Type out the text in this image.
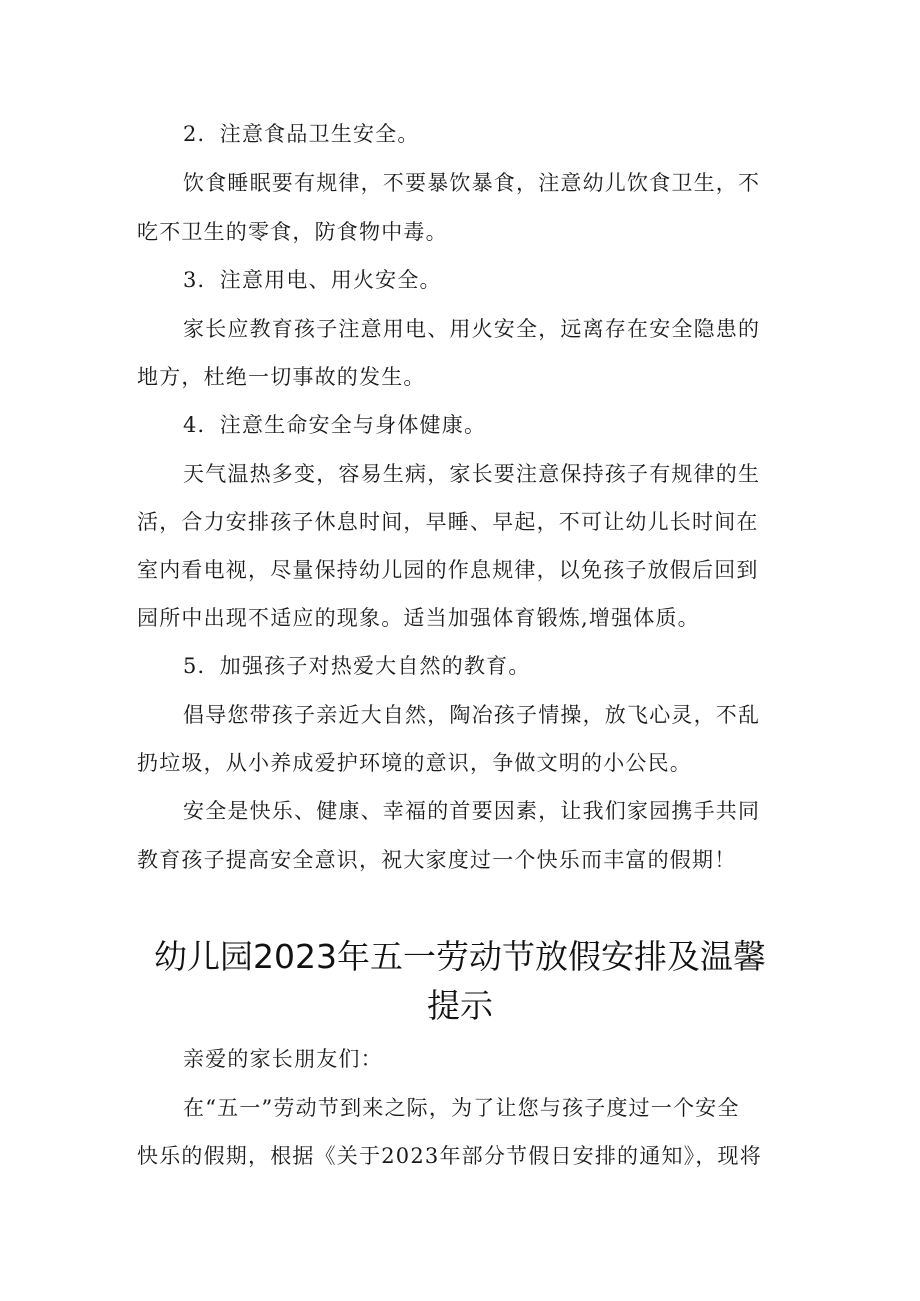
2．注意食品卫生安全。
饮食睡眠要有规律，不要暴饮暴食，注意幼儿饮食卫生，不
吃不卫生的零食，防食物中毒。
3．注意用电、用火安全。
家长应教育孩子注意用电、用火安全，远离存在安全隐患的
地方，杜绝一切事故的发生。
4．注意生命安全与身体健康。
天气温热多变，容易生病，家长要注意保持孩子有规律的生
活，合力安排孩子休息时间，早睡、早起，不可让幼儿长时间在
室内看电视，尽量保持幼儿园的作息规律，以免孩子放假后回到
园所中出现不适应的现象。适当加强体育锻炼,增强体质。
5．加强孩子对热爱大自然的教育。
倡导您带孩子亲近大自然，陶冶孩子情操，放飞心灵，不乱
扔垃圾，从小养成爱护环境的意识，争做文明的小公民。
安全是快乐、健康、幸福的首要因素，让我们家园携手共同
教育孩子提高安全意识，祝大家度过一个快乐而丰富的假期！
幼儿园2023年五一劳动节放假安排及温馨
提示
亲爱的家长朋友们：
在“五一”劳动节到来之际，为了让您与孩子度过一个安全
快乐的假期，根据《关于2023年部分节假日安排的通知》，现将
